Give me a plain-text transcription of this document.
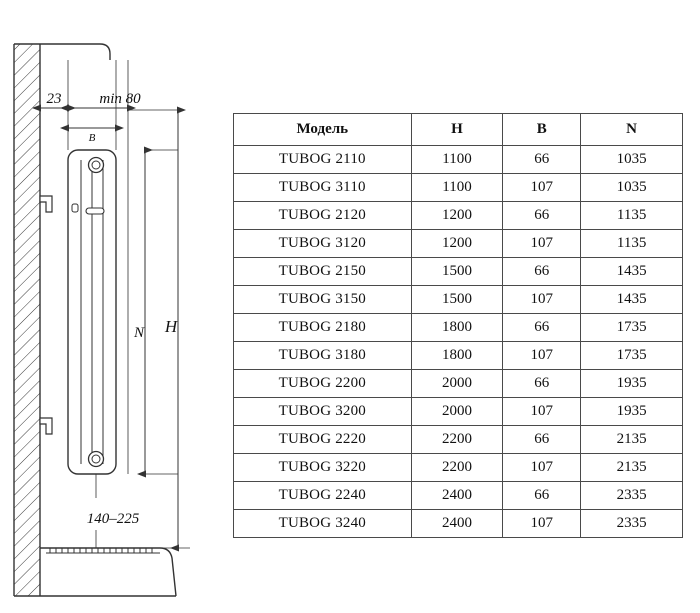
23	min 80
B
N H
140–225
Модель	H	B	N
TUBOG 2110	1100	66	1035
TUBOG 3110	1100	107	1035
TUBOG 2120	1200	66	1135
TUBOG 3120	1200	107	1135
TUBOG 2150	1500	66	1435
TUBOG 3150	1500	107	1435
TUBOG 2180	1800	66	1735
TUBOG 3180	1800	107	1735
TUBOG 2200	2000	66	1935
TUBOG 3200	2000	107	1935
TUBOG 2220	2200	66	2135
TUBOG 3220	2200	107	2135
TUBOG 2240	2400	66	2335
TUBOG 3240	2400	107	2335
